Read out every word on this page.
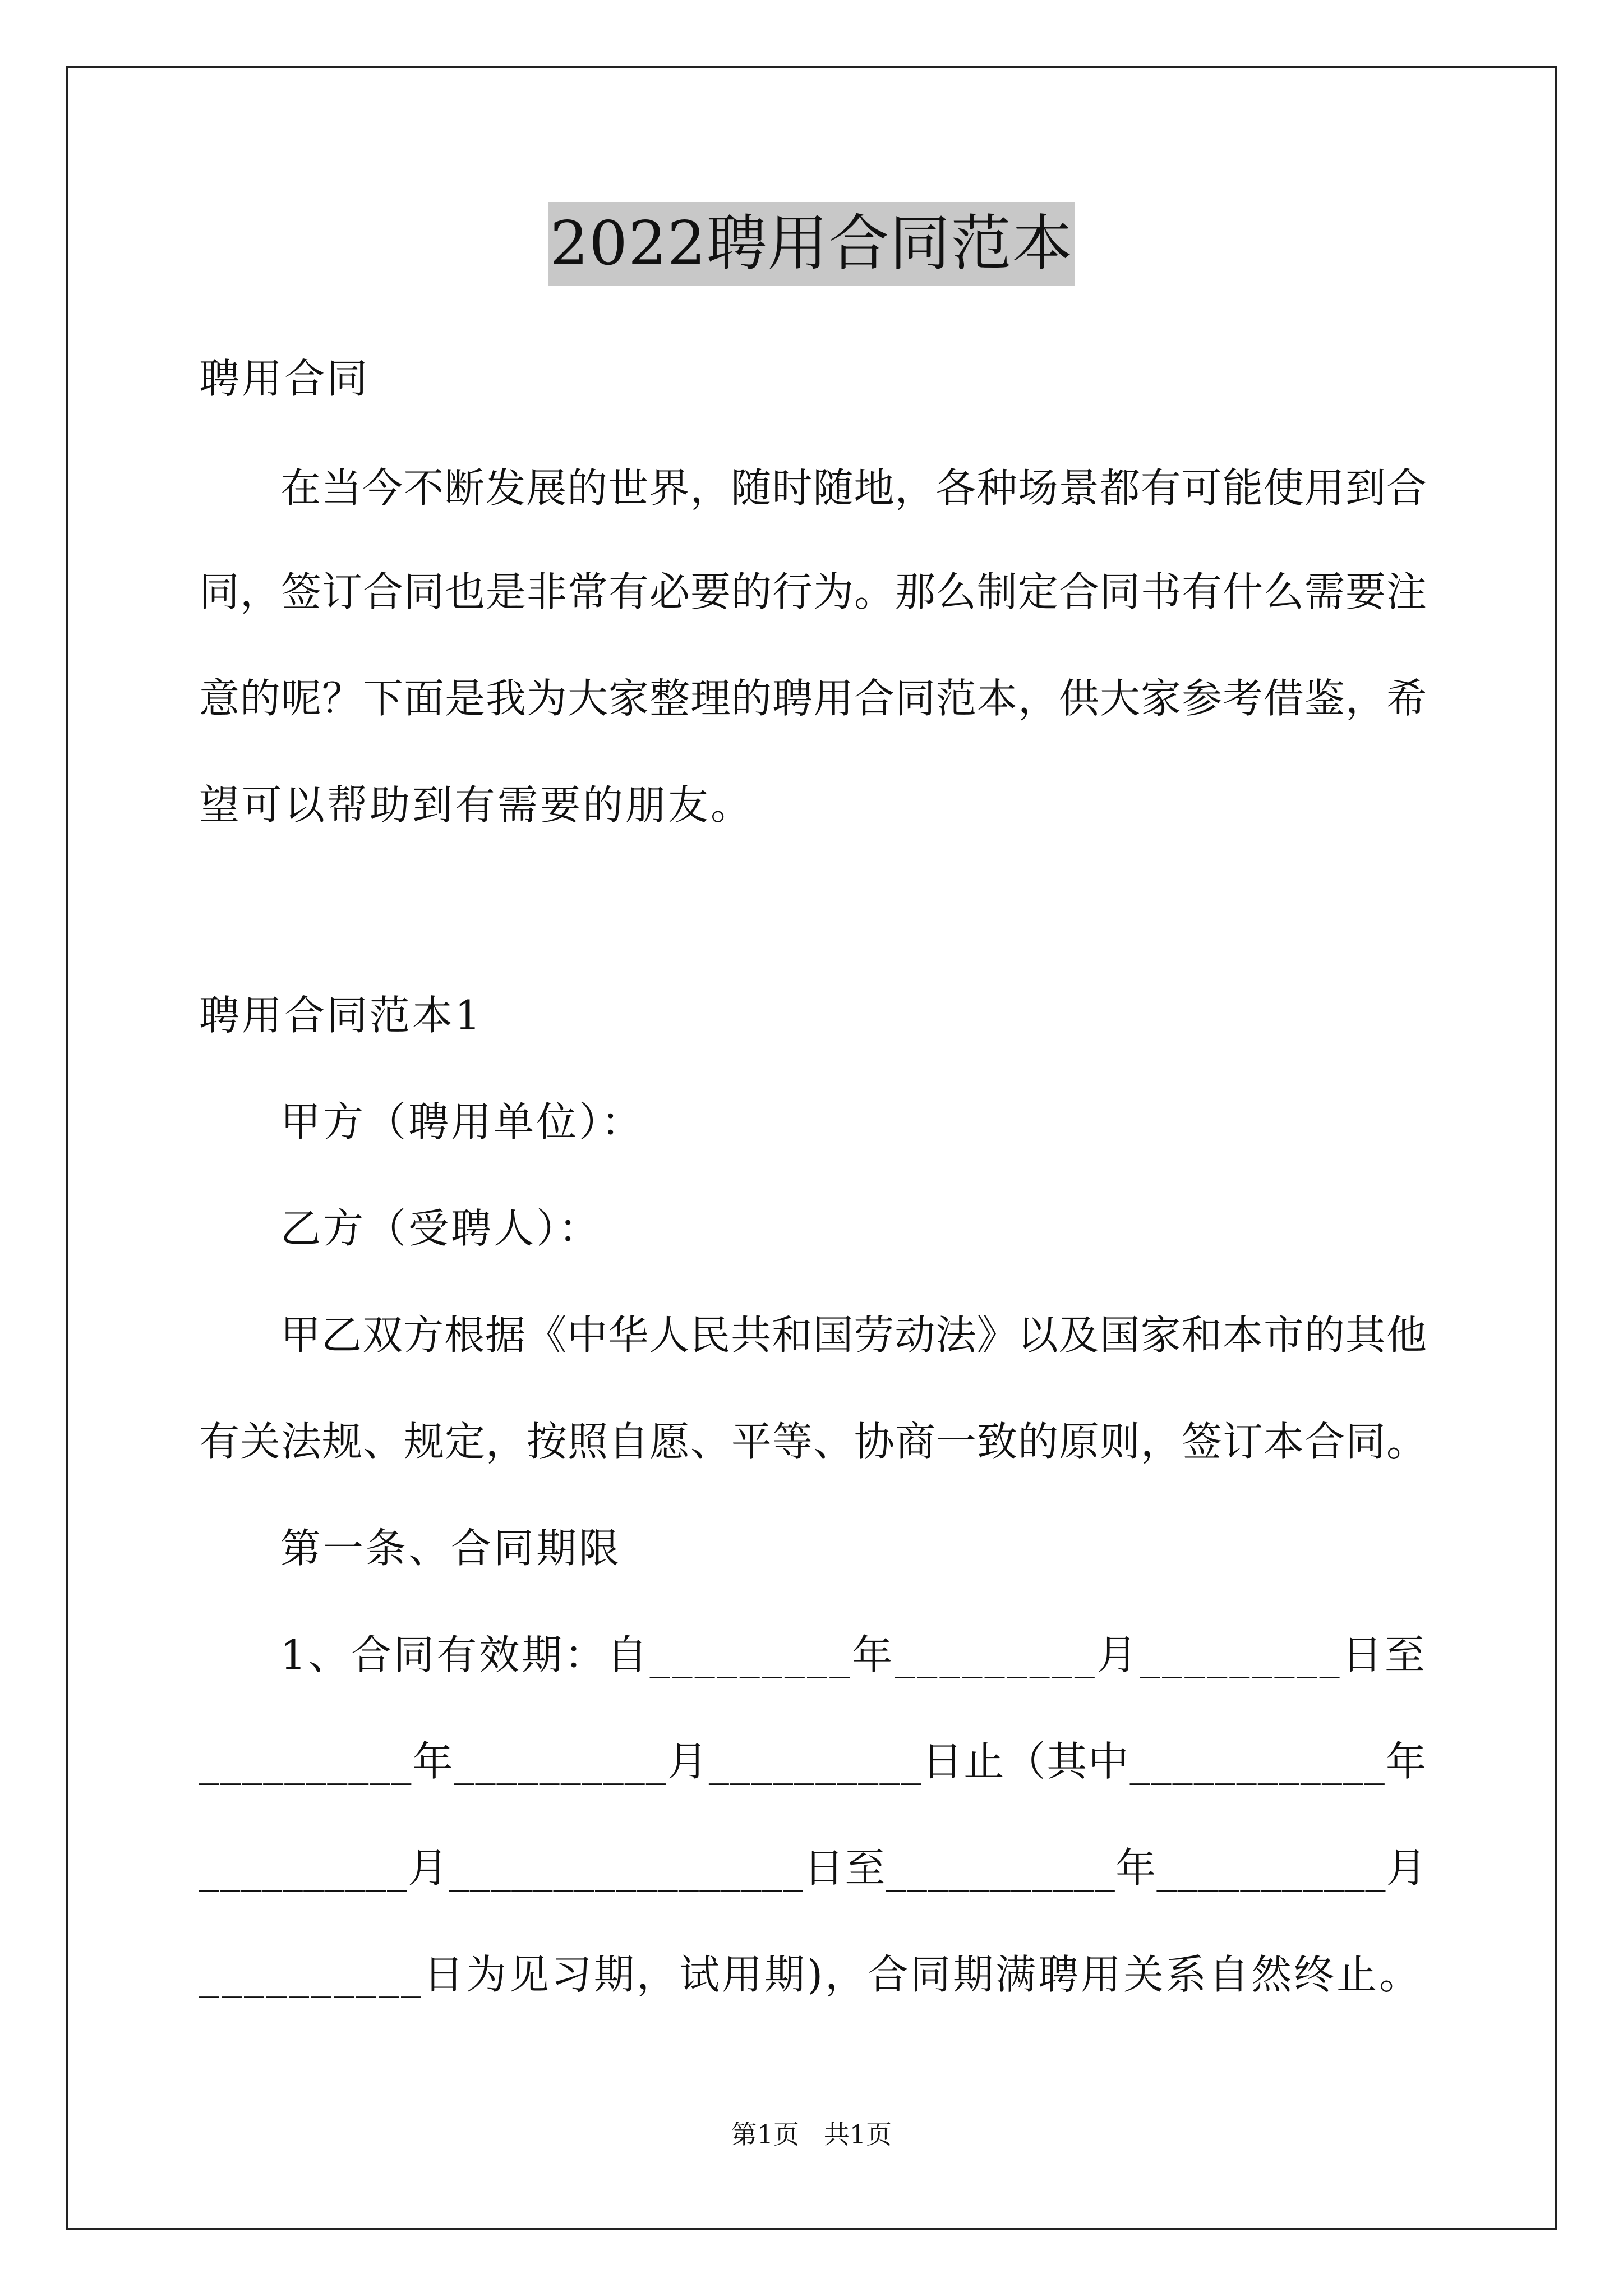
2022聘用合同范本
聘用合同
在当今不断发展的世界，随时随地，各种场景都有可能使用到合
同，签订合同也是非常有必要的行为。那么制定合同书有什么需要注
意的呢？下面是我为大家整理的聘用合同范本，供大家参考借鉴，希
望可以帮助到有需要的朋友。
聘用合同范本1
甲方（聘用单位）：
乙方（受聘人）：
甲乙双方根据《中华人民共和国劳动法》以及国家和本市的其他
有关法规、规定，按照自愿、平等、协商一致的原则，签订本合同。
第一条、合同期限
1、合同有效期：自_________年_________月_________日至
__________年__________月__________日止（其中____________年
__________月_________________日至___________年___________月
__________日为见习期，试用期)，合同期满聘用关系自然终止。
第1页   共1页
